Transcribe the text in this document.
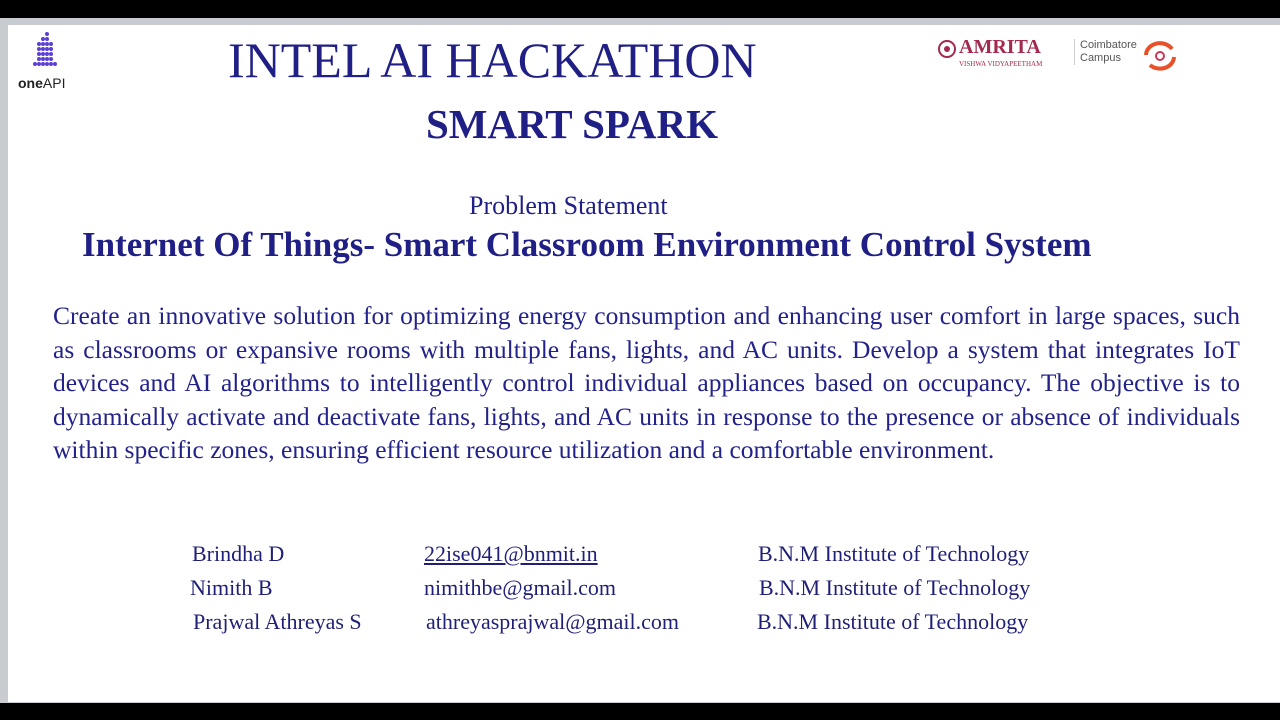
oneAPI	INTEL AI HACKATHON
SMART SPARK
AMRITA
VISHWA VIDYAPEETHAM
Coimbatore
Campus
Problem Statement
Internet Of Things- Smart Classroom Environment Control System
Create an innovative solution for optimizing energy consumption and enhancing user comfort in large spaces, such as classrooms or expansive rooms with multiple fans, lights, and AC units. Develop a system that integrates IoT devices and AI algorithms to intelligently control individual appliances based on occupancy. The objective is to dynamically activate and deactivate fans, lights, and AC units in response to the presence or absence of individuals within specific zones, ensuring efficient resource utilization and a comfortable environment.
Brindha D	22ise041@bnmit.in	B.N.M Institute of Technology
Nimith B	nimithbe@gmail.com	B.N.M Institute of Technology
Prajwal Athreyas S	athreyasprajwal@gmail.com	B.N.M Institute of Technology
